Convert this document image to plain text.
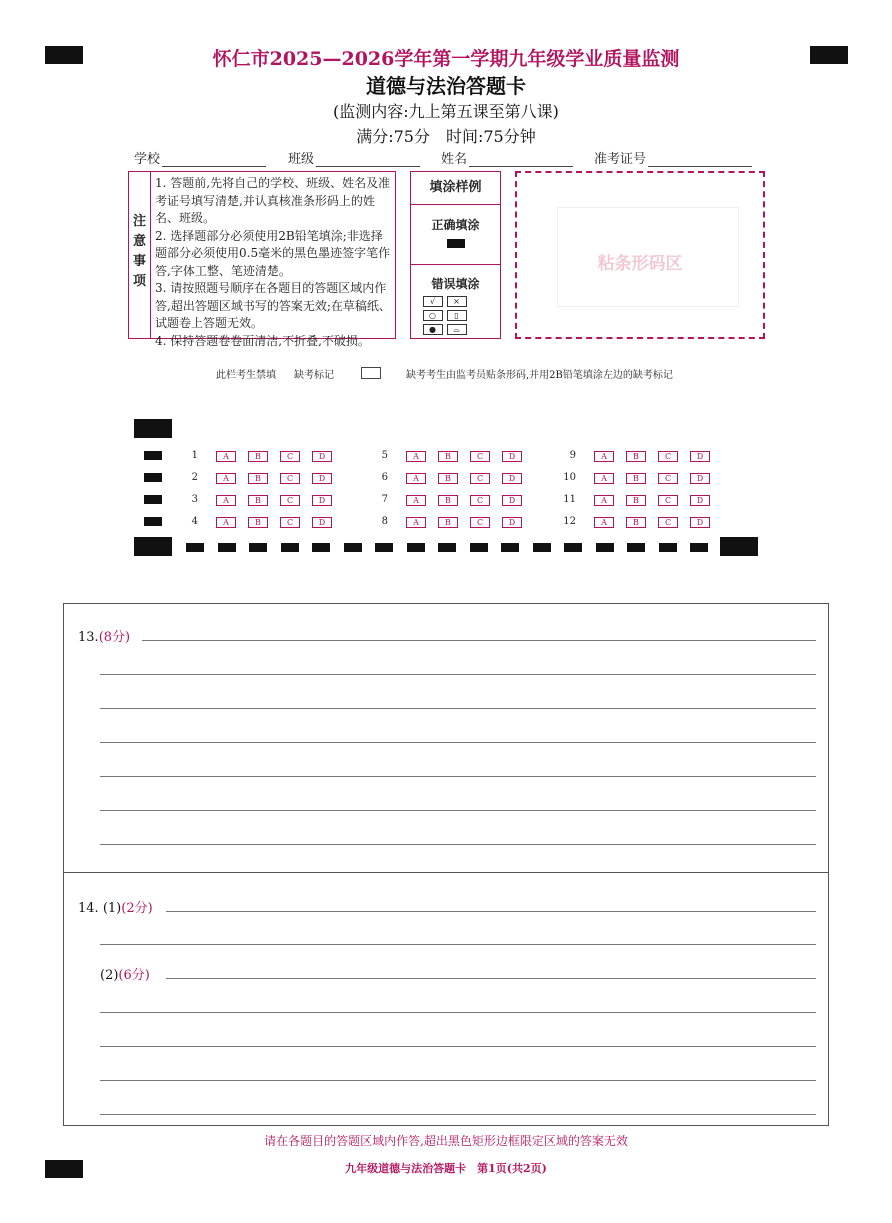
怀仁市2025—2026学年第一学期九年级学业质量监测
道德与法治答题卡
(监测内容:九上第五课至第八课)
满分:75分　时间:75分钟
学校	班级	姓名	准考证号
注意事项
1. 答题前,先将自己的学校、班级、姓名及准考证号填写清楚,并认真核准条形码上的姓名、班级。
2. 选择题部分必须使用2B铅笔填涂;非选择题部分必须使用0.5毫米的黑色墨迹签字笔作答,字体工整、笔迹清楚。
3. 请按照题号顺序在各题目的答题区域内作答,超出答题区域书写的答案无效;在草稿纸、试题卷上答题无效。
4. 保持答题卷卷面清洁,不折叠,不破损。
填涂样例
正确填涂
错误填涂
√	×
○	▯
●	⌓
粘条形码区
此栏考生禁填 缺考标记	缺考考生由监考员贴条形码,并用2B铅笔填涂左边的缺考标记
1	A	B	C	D
2	A	B	C	D
3	A	B	C	D
4	A	B	C	D
5	A	B	C	D
6	A	B	C	D
7	A	B	C	D
8	A	B	C	D
9	A	B	C	D
10	A	B	C	D
11	A	B	C	D
12	A	B	C	D
13.(8分)
14. (1)(2分)
(2)(6分)
请在各题目的答题区域内作答,超出黑色矩形边框限定区域的答案无效
九年级道德与法治答题卡　第1页(共2页)
